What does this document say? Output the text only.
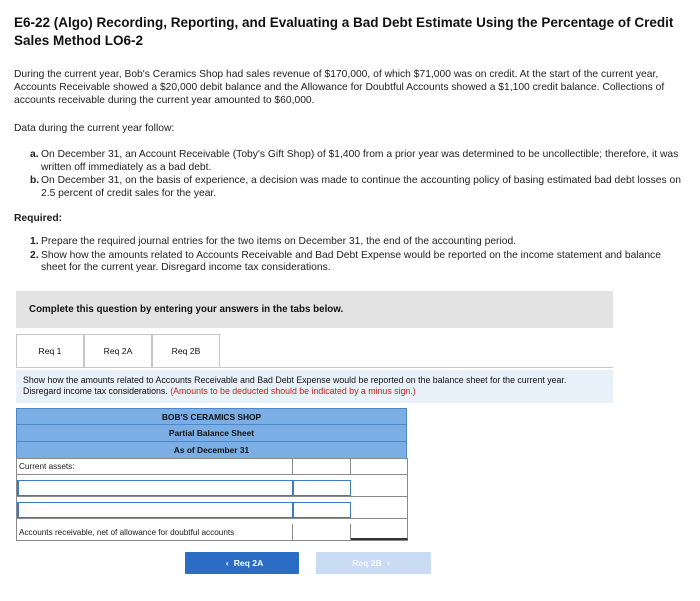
E6-22 (Algo) Recording, Reporting, and Evaluating a Bad Debt Estimate Using the Percentage of Credit Sales Method LO6-2
During the current year, Bob's Ceramics Shop had sales revenue of $170,000, of which $71,000 was on credit. At the start of the current year, Accounts Receivable showed a $20,000 debit balance and the Allowance for Doubtful Accounts showed a $1,100 credit balance. Collections of accounts receivable during the current year amounted to $60,000.
Data during the current year follow:
a. On December 31, an Account Receivable (Toby's Gift Shop) of $1,400 from a prior year was determined to be uncollectible; therefore, it was written off immediately as a bad debt.
b. On December 31, on the basis of experience, a decision was made to continue the accounting policy of basing estimated bad debt losses on 2.5 percent of credit sales for the year.
Required:
1. Prepare the required journal entries for the two items on December 31, the end of the accounting period.
2. Show how the amounts related to Accounts Receivable and Bad Debt Expense would be reported on the income statement and balance sheet for the current year. Disregard income tax considerations.
Complete this question by entering your answers in the tabs below.
Req 1	Req 2A	Req 2B
Show how the amounts related to Accounts Receivable and Bad Debt Expense would be reported on the balance sheet for the current year. Disregard income tax considerations. (Amounts to be deducted should be indicated by a minus sign.)
BOB'S CERAMICS SHOP
Partial Balance Sheet
As of December 31
Current assets:
Accounts receivable, net of allowance for doubtful accounts
‹ Req 2A	Req 2B ›
